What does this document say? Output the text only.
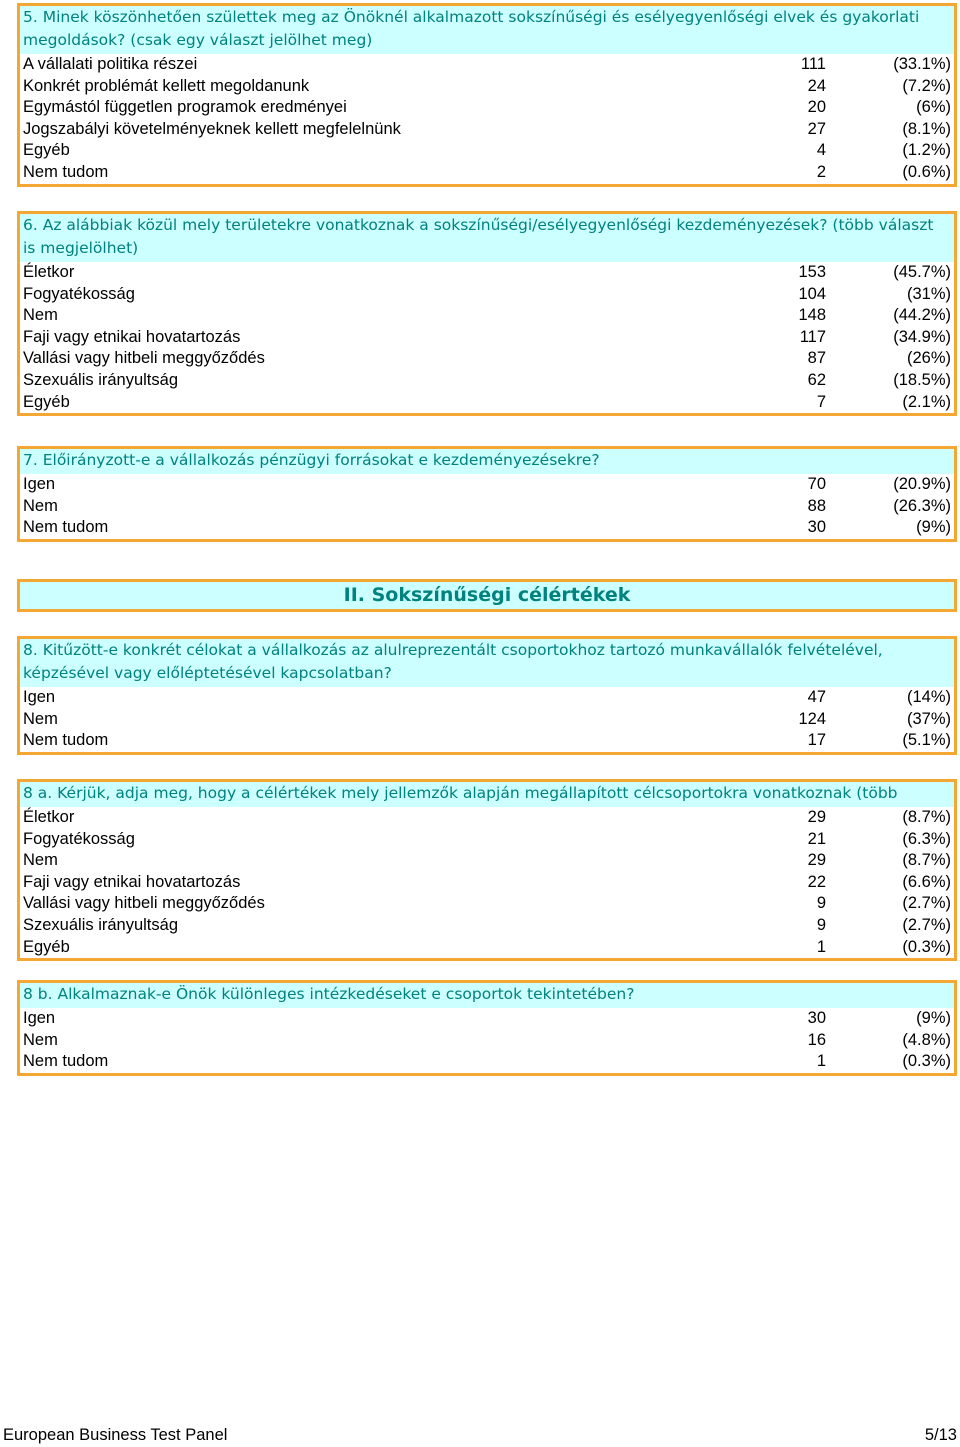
5. Minek köszönhetően születtek meg az Önöknél alkalmazott sokszínűségi és esélyegyenlőségi elvek és gyakorlati megoldások? (csak egy választ jelölhet meg)
A vállalati politika részei	111	(33.1%)
Konkrét problémát kellett megoldanunk	24	(7.2%)
Egymástól független programok eredményei	20	(6%)
Jogszabályi követelményeknek kellett megfelelnünk	27	(8.1%)
Egyéb	4	(1.2%)
Nem tudom	2	(0.6%)
6. Az alábbiak közül mely területekre vonatkoznak a sokszínűségi/esélyegyenlőségi kezdeményezések? (több választ is megjelölhet)
Életkor	153	(45.7%)
Fogyatékosság	104	(31%)
Nem	148	(44.2%)
Faji vagy etnikai hovatartozás	117	(34.9%)
Vallási vagy hitbeli meggyőződés	87	(26%)
Szexuális irányultság	62	(18.5%)
Egyéb	7	(2.1%)
7. Előirányzott-e a vállalkozás pénzügyi forrásokat e kezdeményezésekre?
Igen	70	(20.9%)
Nem	88	(26.3%)
Nem tudom	30	(9%)
II. Sokszínűségi célértékek
8. Kitűzött-e konkrét célokat a vállalkozás az alulreprezentált csoportokhoz tartozó munkavállalók felvételével, képzésével vagy előléptetésével kapcsolatban?
Igen	47	(14%)
Nem	124	(37%)
Nem tudom	17	(5.1%)
8 a. Kérjük, adja meg, hogy a célértékek mely jellemzők alapján megállapított célcsoportokra vonatkoznak (több
Életkor	29	(8.7%)
Fogyatékosság	21	(6.3%)
Nem	29	(8.7%)
Faji vagy etnikai hovatartozás	22	(6.6%)
Vallási vagy hitbeli meggyőződés	9	(2.7%)
Szexuális irányultság	9	(2.7%)
Egyéb	1	(0.3%)
8 b. Alkalmaznak-e Önök különleges intézkedéseket e csoportok tekintetében?
Igen	30	(9%)
Nem	16	(4.8%)
Nem tudom	1	(0.3%)
European Business Test Panel	5/13
